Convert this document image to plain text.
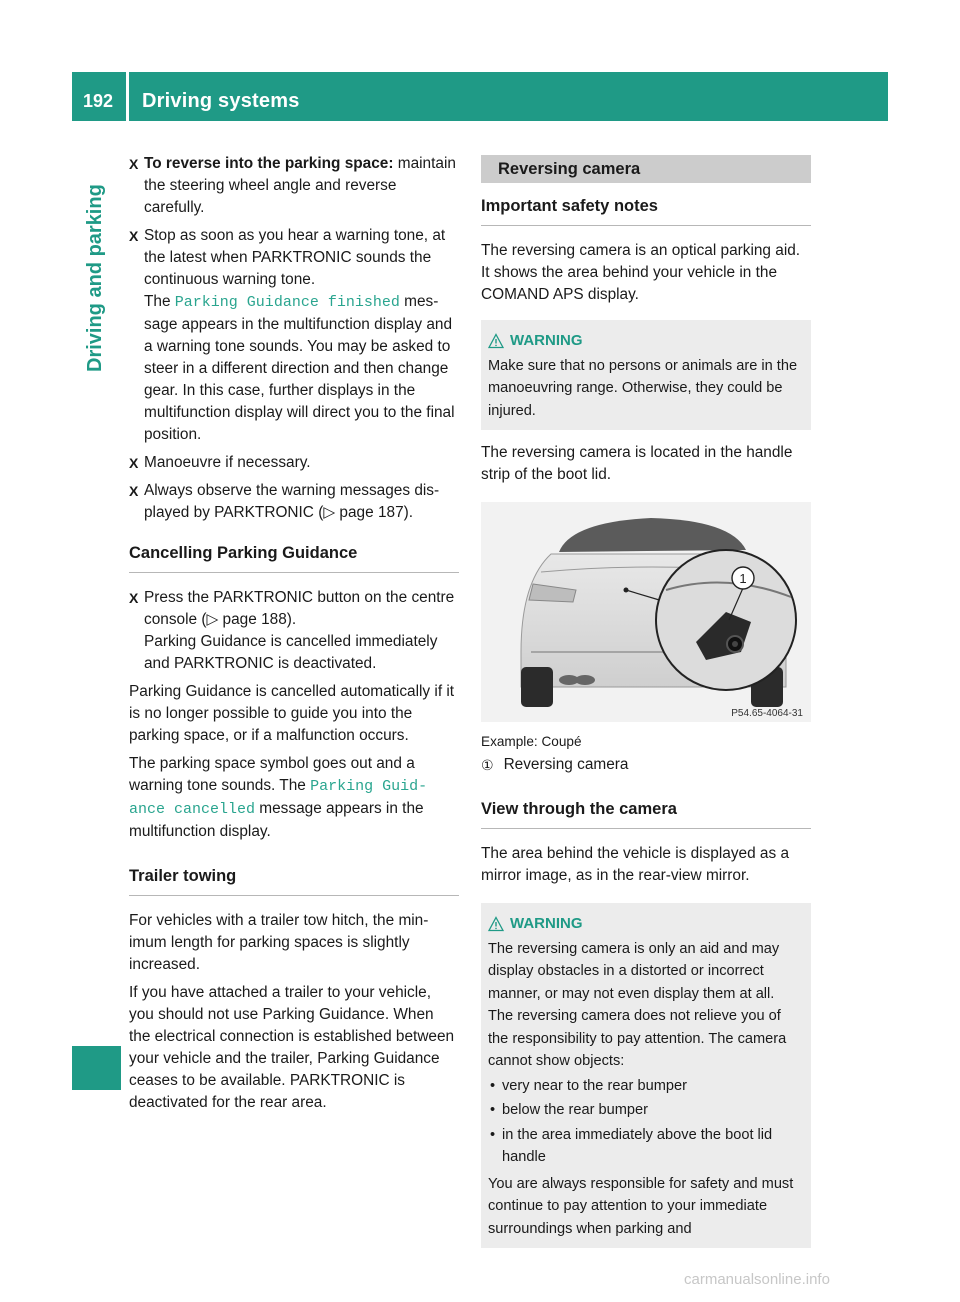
192	Driving systems
Driving and parking
X To reverse into the parking space: maintain the steering wheel angle and reverse carefully.
X Stop as soon as you hear a warning tone, at the latest when PARKTRONIC sounds the continuous warning tone.
The Parking Guidance finished message appears in the multifunction display and a warning tone sounds. You may be asked to steer in a different direction and then change gear. In this case, further displays in the multifunction display will direct you to the final position.
X Manoeuvre if necessary.
X Always observe the warning messages displayed by PARKTRONIC (▷ page 187).
Cancelling Parking Guidance
X Press the PARKTRONIC button on the centre console (▷ page 188).
Parking Guidance is cancelled immediately and PARKTRONIC is deactivated.

Parking Guidance is cancelled automatically if it is no longer possible to guide you into the parking space, or if a malfunction occurs.

The parking space symbol goes out and a warning tone sounds. The Parking Guid‐ ance cancelled message appears in the multifunction display.

Trailer towing

For vehicles with a trailer tow hitch, the minimum length for parking spaces is slightly increased.

If you have attached a trailer to your vehicle, you should not use Parking Guidance. When the electrical connection is established between your vehicle and the trailer, Parking Guidance ceases to be available. PARKTRONIC is deactivated for the rear area.

Reversing camera
Important safety notes

The reversing camera is an optical parking aid. It shows the area behind your vehicle in the COMAND APS display.

WARNING

Make sure that no persons or animals are in the manoeuvring range. Otherwise, they could be injured.

The reversing camera is located in the handle strip of the boot lid.

1
P54.65-4064-31
Example: Coupé
① Reversing camera
View through the camera

The area behind the vehicle is displayed as a mirror image, as in the rear-view mirror.

WARNING

The reversing camera is only an aid and may display obstacles in a distorted or incorrect manner, or may not even display them at all. The reversing camera does not relieve you of the responsibility to pay attention. The camera cannot show objects:

• very near to the rear bumper
• below the rear bumper
• in the area immediately above the boot lid handle

You are always responsible for safety and must continue to pay attention to your immediate surroundings when parking and

carmanualsonline.info
